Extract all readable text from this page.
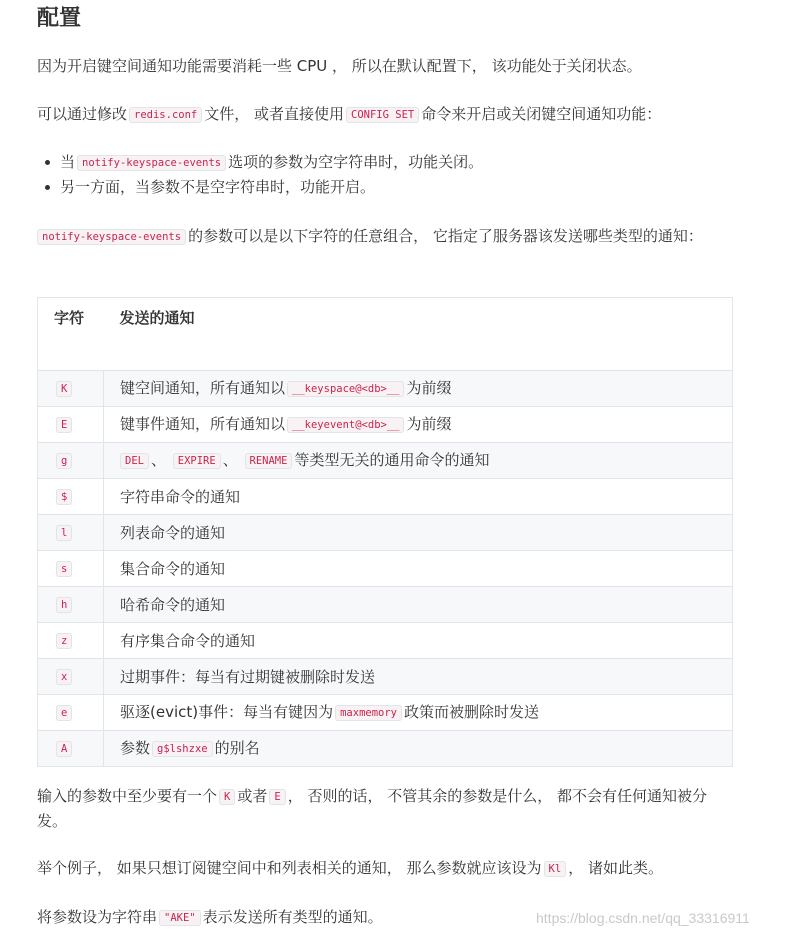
配置

因为开启键空间通知功能需要消耗一些 CPU ， 所以在默认配置下， 该功能处于关闭状态。

可以通过修改 redis.conf 文件， 或者直接使用 CONFIG SET 命令来开启或关闭键空间通知功能：

当 notify-keyspace-events 选项的参数为空字符串时，功能关闭。
另一方面，当参数不是空字符串时，功能开启。

notify-keyspace-events 的参数可以是以下字符的任意组合， 它指定了服务器该发送哪些类型的通知：

字符	发送的通知
K	键空间通知，所有通知以 __keyspace@<db>__ 为前缀
E	键事件通知，所有通知以 __keyevent@<db>__ 为前缀
g	DEL 、 EXPIRE 、 RENAME 等类型无关的通用命令的通知
$	字符串命令的通知
l	列表命令的通知
s	集合命令的通知
h	哈希命令的通知
z	有序集合命令的通知
x	过期事件：每当有过期键被删除时发送
e	驱逐(evict)事件：每当有键因为 maxmemory 政策而被删除时发送
A	参数 g$lshzxe 的别名

输入的参数中至少要有一个 K 或者 E ， 否则的话， 不管其余的参数是什么， 都不会有任何通知被分发。

举个例子， 如果只想订阅键空间中和列表相关的通知， 那么参数就应该设为 Kl ， 诸如此类。

将参数设为字符串 "AKE" 表示发送所有类型的通知。	https://blog.csdn.net/qq_33316911
